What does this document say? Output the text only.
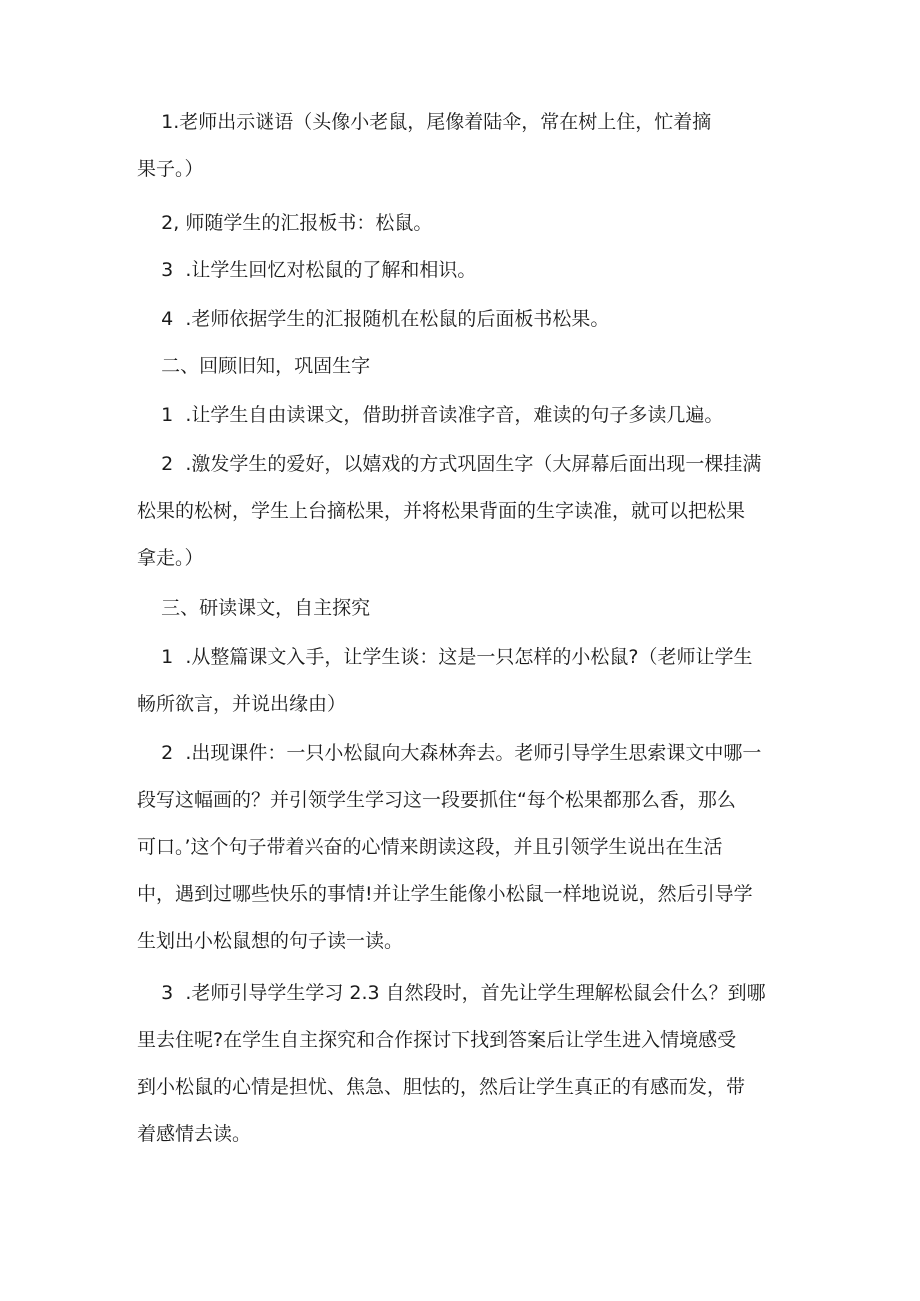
1.老师出示谜语（头像小老鼠，尾像着陆伞，常在树上住，忙着摘
果子。）

2, 师随学生的汇报板书：松鼠。

3  .让学生回忆对松鼠的了解和相识。

4  .老师依据学生的汇报随机在松鼠的后面板书松果。

二、回顾旧知，巩固生字

1  .让学生自由读课文，借助拼音读准字音，难读的句子多读几遍。

2  .激发学生的爱好，以嬉戏的方式巩固生字（大屏幕后面出现一棵挂满
松果的松树，学生上台摘松果，并将松果背面的生字读准，就可以把松果
拿走。）

三、研读课文，自主探究

1  .从整篇课文入手，让学生谈：这是一只怎样的小松鼠?（老师让学生
畅所欲言，并说出缘由）

2  .出现课件：一只小松鼠向大森林奔去。老师引导学生思索课文中哪一
段写这幅画的？并引领学生学习这一段要抓住“每个松果都那么香，那么
可口。’这个句子带着兴奋的心情来朗读这段，并且引领学生说出在生活
中，遇到过哪些快乐的事情!并让学生能像小松鼠一样地说说，然后引导学
生划出小松鼠想的句子读一读。

3  .老师引导学生学习 2.3 自然段时，首先让学生理解松鼠会什么？到哪
里去住呢?在学生自主探究和合作探讨下找到答案后让学生进入情境感受
到小松鼠的心情是担忧、焦急、胆怯的，然后让学生真正的有感而发，带
着感情去读。
